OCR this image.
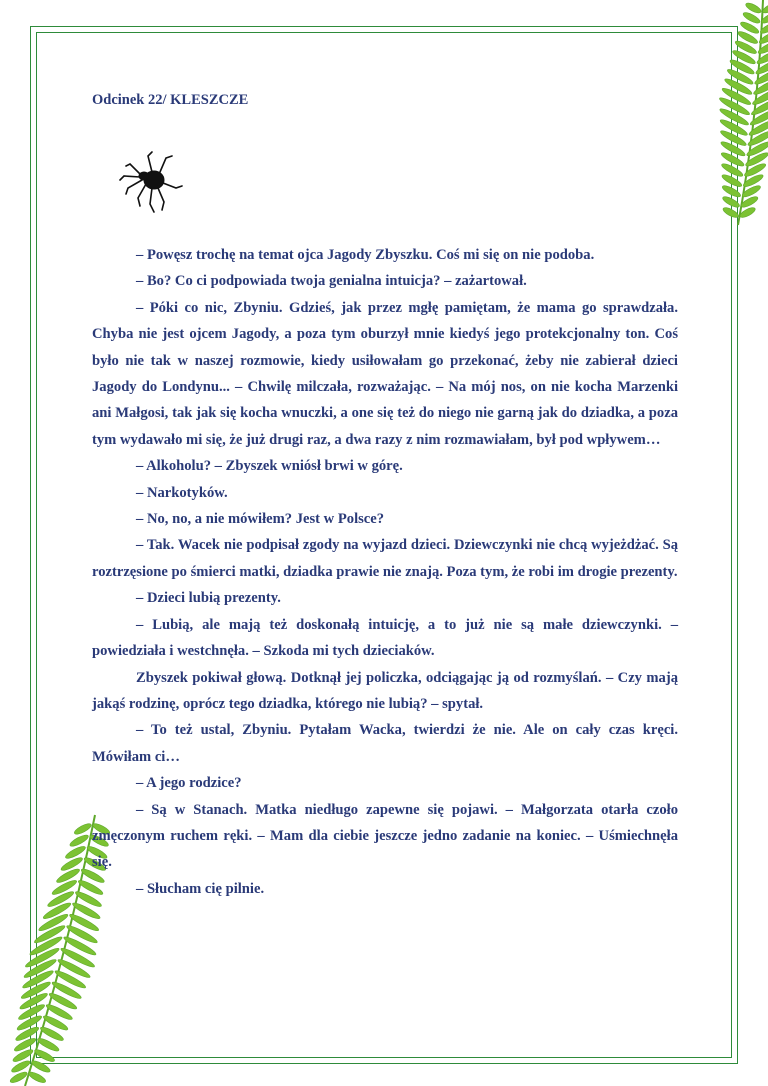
Odcinek 22/ KLESZCZE

– Powęsz trochę na temat ojca Jagody Zbyszku. Coś mi się on nie podoba.

– Bo? Co ci podpowiada twoja genialna intuicja? – zażartował.

– Póki co nic, Zbyniu. Gdzieś, jak przez mgłę pamiętam, że mama go sprawdzała. Chyba nie jest ojcem Jagody, a poza tym oburzył mnie kiedyś jego protekcjonalny ton. Coś było nie tak w naszej rozmowie, kiedy usiłowałam go przekonać, żeby nie zabierał dzieci Jagody do Londynu... – Chwilę milczała, rozważając. – Na mój nos, on nie kocha Marzenki ani Małgosi, tak jak się kocha wnuczki, a one się też do niego nie garną jak do dziadka, a poza tym wydawało mi się, że już drugi raz, a dwa razy z nim rozmawiałam, był pod wpływem…

– Alkoholu? – Zbyszek wniósł brwi w górę.

– Narkotyków.

– No, no, a nie mówiłem? Jest w Polsce?

– Tak. Wacek nie podpisał zgody na wyjazd dzieci. Dziewczynki nie chcą wyjeżdżać. Są roztrzęsione po śmierci matki, dziadka prawie nie znają. Poza tym, że robi im drogie prezenty.

– Dzieci lubią prezenty.

– Lubią, ale mają też doskonałą intuicję, a to już nie są małe dziewczynki. – powiedziała i westchnęła. – Szkoda mi tych dzieciaków.

Zbyszek pokiwał głową. Dotknął jej policzka, odciągając ją od rozmyślań. – Czy mają jakąś rodzinę, oprócz tego dziadka, którego nie lubią? – spytał.

– To też ustal, Zbyniu. Pytałam Wacka, twierdzi że nie. Ale on cały czas kręci. Mówiłam ci…

– A jego rodzice?

– Są w Stanach. Matka niedługo zapewne się pojawi. – Małgorzata otarła czoło zmęczonym ruchem ręki. – Mam dla ciebie jeszcze jedno zadanie na koniec. – Uśmiechnęła się.

– Słucham cię pilnie.
